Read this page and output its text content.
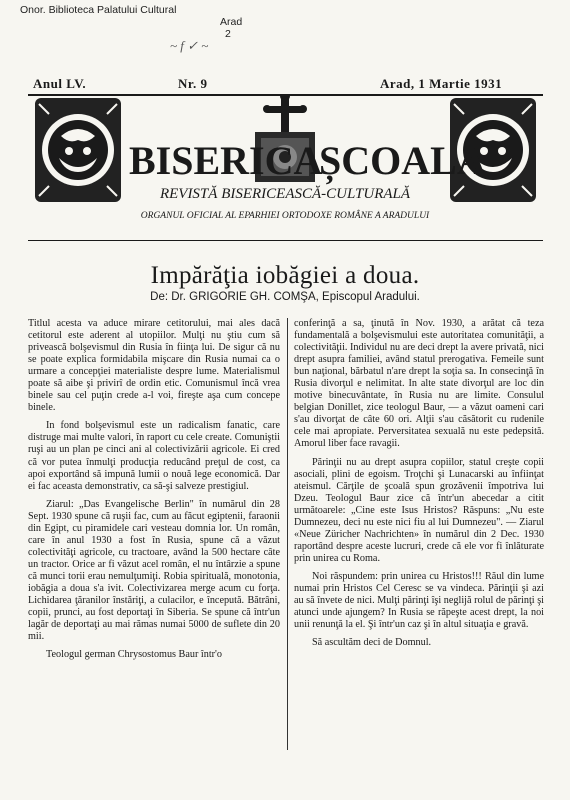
Onor. Biblioteca Palatului Cultural
Arad
2
~ f ✓ ~
Anul LV.	Nr. 9	Arad, 1 Martie 1931
BISERICA
ȘCOALA
REVISTĂ BISERICEASCĂ-CULTURALĂ
ORGANUL OFICIAL AL EPARHIEI ORTODOXE ROMÂNE A ARADULUI
Impărăţia iobăgiei a doua.
De: Dr. GRIGORIE GH. COMŞA, Episcopul Aradului.

Titlul acesta va aduce mirare cetitorului, mai ales dacă cetitorul este aderent al utopiilor. Mulţi nu ştiu cum să privească bolşevismul din Rusia în fiinţa lui. De sigur că nu se poate explica formidabila mişcare din Rusia numai ca o urmare a concepţiei materialiste despre lume. Materialismul poate să aibe şi privirî de ordin etic. Comunismul încă vrea binele sau cel puţin crede a-l voi, fireşte aşa cum concepe binele.

In fond bolşevismul este un radicalism fanatic, care distruge mai multe valori, în raport cu cele create. Comuniştii ruşi au un plan pe cinci ani al colectivizării agricole. Ei cred că vor putea înmulţi producţia reducând preţul de cost, ca apoi exportând să impună lumii o nouă lege economică. Dar ei fac aceasta demonstrativ, ca să-şi salveze prestigiul.

Ziarul: „Das Evangelische Berlin" în numărul din 28 Sept. 1930 spune că ruşii fac, cum au făcut egiptenii, faraonii din Egipt, cu piramidele cari vesteau domnia lor. Un român, care în anul 1930 a fost în Rusia, spune că a văzut colectivităţi agricole, cu tractoare, având la 500 hectare câte un tractor. Orice ar fi văzut acel român, el nu întârzie a spune că munci torii erau nemulţumiţi. Robia spirituală, monotonia, iobăgia a doua s'a ivit. Colectivizarea merge acum cu forţa. Lichidarea ţăranilor înstăriţi, a culacilor, e începută. Bătrâni, copii, prunci, au fost deportaţi în Siberia. Se spune că într'un lagăr de deportaţi au mai rămas numai 5000 de suflete din 20 mii.

Teologul german Chrysostomus Baur într'o

conferinţă a sa, ţinută în Nov. 1930, a arătat că teza fundamentală a bolşevismului este autoritatea comunităţii, a colectivităţii. Individul nu are deci drept la avere privată, nici drept asupra familiei, având statul prerogativa. Femeile sunt bun naţional, bărbatul n'are drept la soţia sa. In consecinţă în Rusia divorţul e nelimitat. In alte state divorţul are loc din motive binecuvântate, în Rusia nu are limite. Consulul belgian Donillet, zice teologul Baur, — a văzut oameni cari s'au divorţat de câte 60 ori. Alţii s'au căsătorit cu rudenile cele mai apropiate. Perversitatea sexuală nu este pedepsită. Amorul liber face ravagii.

Părinţii nu au drept asupra copiilor, statul creşte copii asociali, plini de egoism. Troţchi şi Lunacarski au înfiinţat ateismul. Cărţile de şcoală spun grozăvenii împotriva lui Dzeu. Teologul Baur zice că într'un abecedar a citit următoarele: „Cine este Isus Hristos? Răspuns: „Nu este Dumnezeu, deci nu este nici fiu al lui Dumnezeu". — Ziarul «Neue Züricher Nachrichten» în numărul din 2 Dec. 1930 raportând despre aceste lucruri, crede că ele vor fi înlăturate prin unirea cu Roma.

Noi răspundem: prin unirea cu Hristos!!! Răul din lume numai prin Hristos Cel Ceresc se va vindeca. Părinţii şi azi au să învete de nici. Mulţi părinţi îşi neglijă rolul de părinţi şi atunci unde ajungem? In Rusia se răpeşte acest drept, la noi unii renunţă la el. Şi într'un caz şi în altul situaţia e gravă.

Să ascultăm deci de Domnul.
